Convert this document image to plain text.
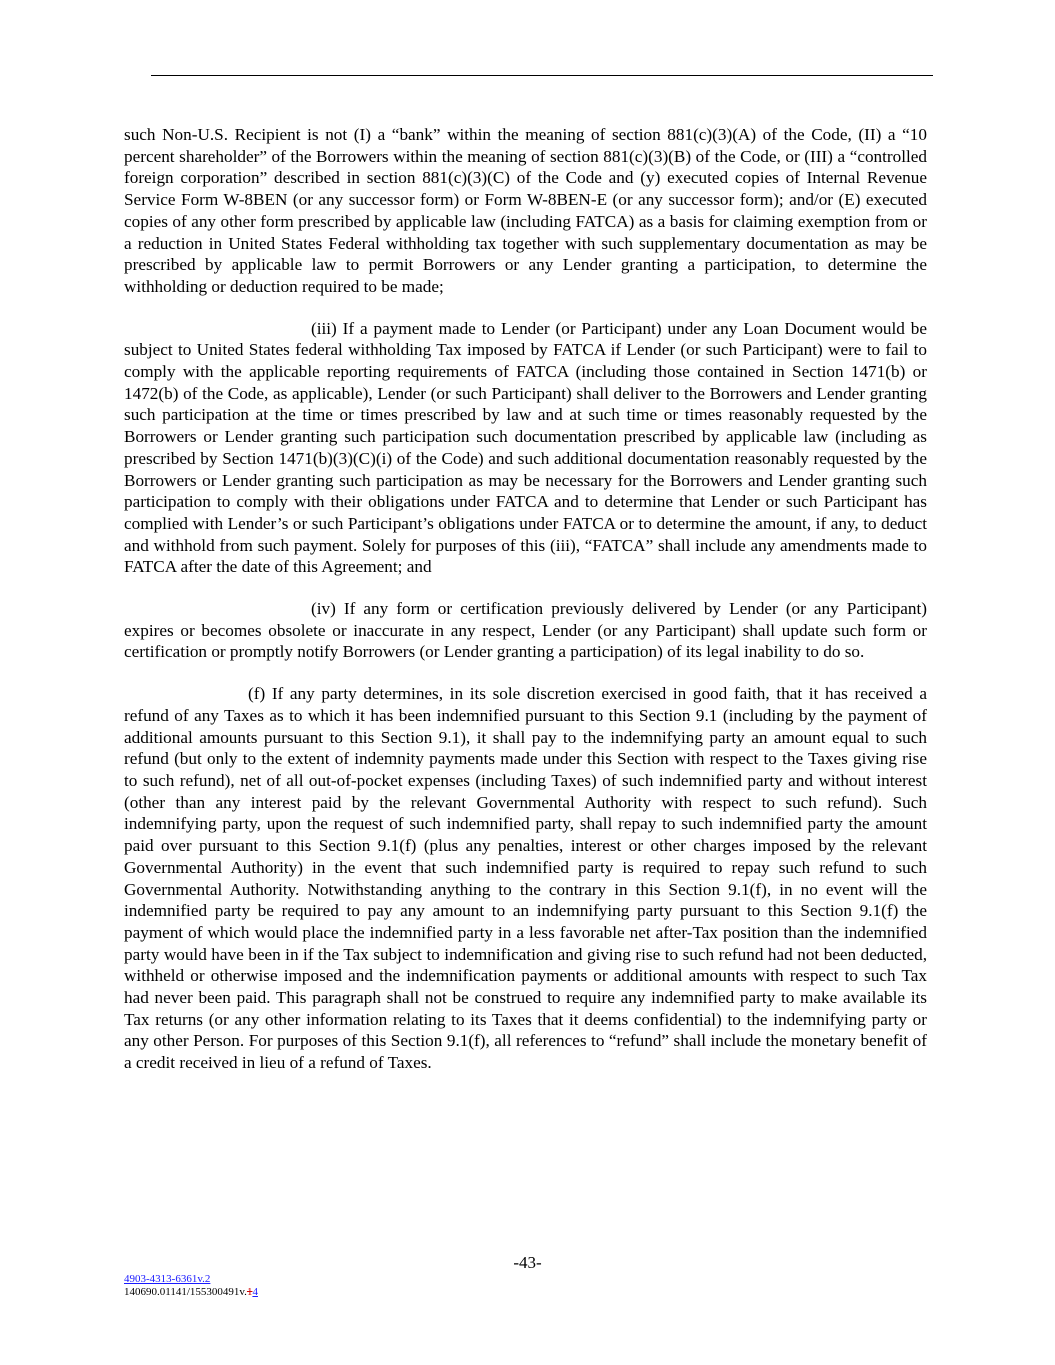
such Non-U.S. Recipient is not (I) a “bank” within the meaning of section 881(c)(3)(A) of the Code, (II) a “10 percent shareholder” of the Borrowers within the meaning of section 881(c)(3)(B) of the Code, or (III) a “controlled foreign corporation” described in section 881(c)(3)(C) of the Code and (y) executed copies of Internal Revenue Service Form W-8BEN (or any successor form) or Form W-8BEN-E (or any successor form); and/or (E) executed copies of any other form prescribed by applicable law (including FATCA) as a basis for claiming exemption from or a reduction in United States Federal withholding tax together with such supplementary documentation as may be prescribed by applicable law to permit Borrowers or any Lender granting a participation, to determine the withholding or deduction required to be made;

(iii) If a payment made to Lender (or Participant) under any Loan Document would be subject to United States federal withholding Tax imposed by FATCA if Lender (or such Participant) were to fail to comply with the applicable reporting requirements of FATCA (including those contained in Section 1471(b) or 1472(b) of the Code, as applicable), Lender (or such Participant) shall deliver to the Borrowers and Lender granting such participation at the time or times prescribed by law and at such time or times reasonably requested by the Borrowers or Lender granting such participation such documentation prescribed by applicable law (including as prescribed by Section 1471(b)(3)(C)(i) of the Code) and such additional documentation reasonably requested by the Borrowers or Lender granting such participation as may be necessary for the Borrowers and Lender granting such participation to comply with their obligations under FATCA and to determine that Lender or such Participant has complied with Lender’s or such Participant’s obligations under FATCA or to determine the amount, if any, to deduct and withhold from such payment. Solely for purposes of this (iii), “FATCA” shall include any amendments made to FATCA after the date of this Agreement; and

(iv) If any form or certification previously delivered by Lender (or any Participant) expires or becomes obsolete or inaccurate in any respect, Lender (or any Participant) shall update such form or certification or promptly notify Borrowers (or Lender granting a participation) of its legal inability to do so.

(f) If any party determines, in its sole discretion exercised in good faith, that it has received a refund of any Taxes as to which it has been indemnified pursuant to this Section 9.1 (including by the payment of additional amounts pursuant to this Section 9.1), it shall pay to the indemnifying party an amount equal to such refund (but only to the extent of indemnity payments made under this Section with respect to the Taxes giving rise to such refund), net of all out-of-pocket expenses (including Taxes) of such indemnified party and without interest (other than any interest paid by the relevant Governmental Authority with respect to such refund). Such indemnifying party, upon the request of such indemnified party, shall repay to such indemnified party the amount paid over pursuant to this Section 9.1(f) (plus any penalties, interest or other charges imposed by the relevant Governmental Authority) in the event that such indemnified party is required to repay such refund to such Governmental Authority. Notwithstanding anything to the contrary in this Section 9.1(f), in no event will the indemnified party be required to pay any amount to an indemnifying party pursuant to this Section 9.1(f) the payment of which would place the indemnified party in a less favorable net after-Tax position than the indemnified party would have been in if the Tax subject to indemnification and giving rise to such refund had not been deducted, withheld or otherwise imposed and the indemnification payments or additional amounts with respect to such Tax had never been paid. This paragraph shall not be construed to require any indemnified party to make available its Tax returns (or any other information relating to its Taxes that it deems confidential) to the indemnifying party or any other Person. For purposes of this Section 9.1(f), all references to “refund” shall include the monetary benefit of a credit received in lieu of a refund of Taxes.

-43-
4903-4313-6361v.2
140690.01141/155300491v.14
